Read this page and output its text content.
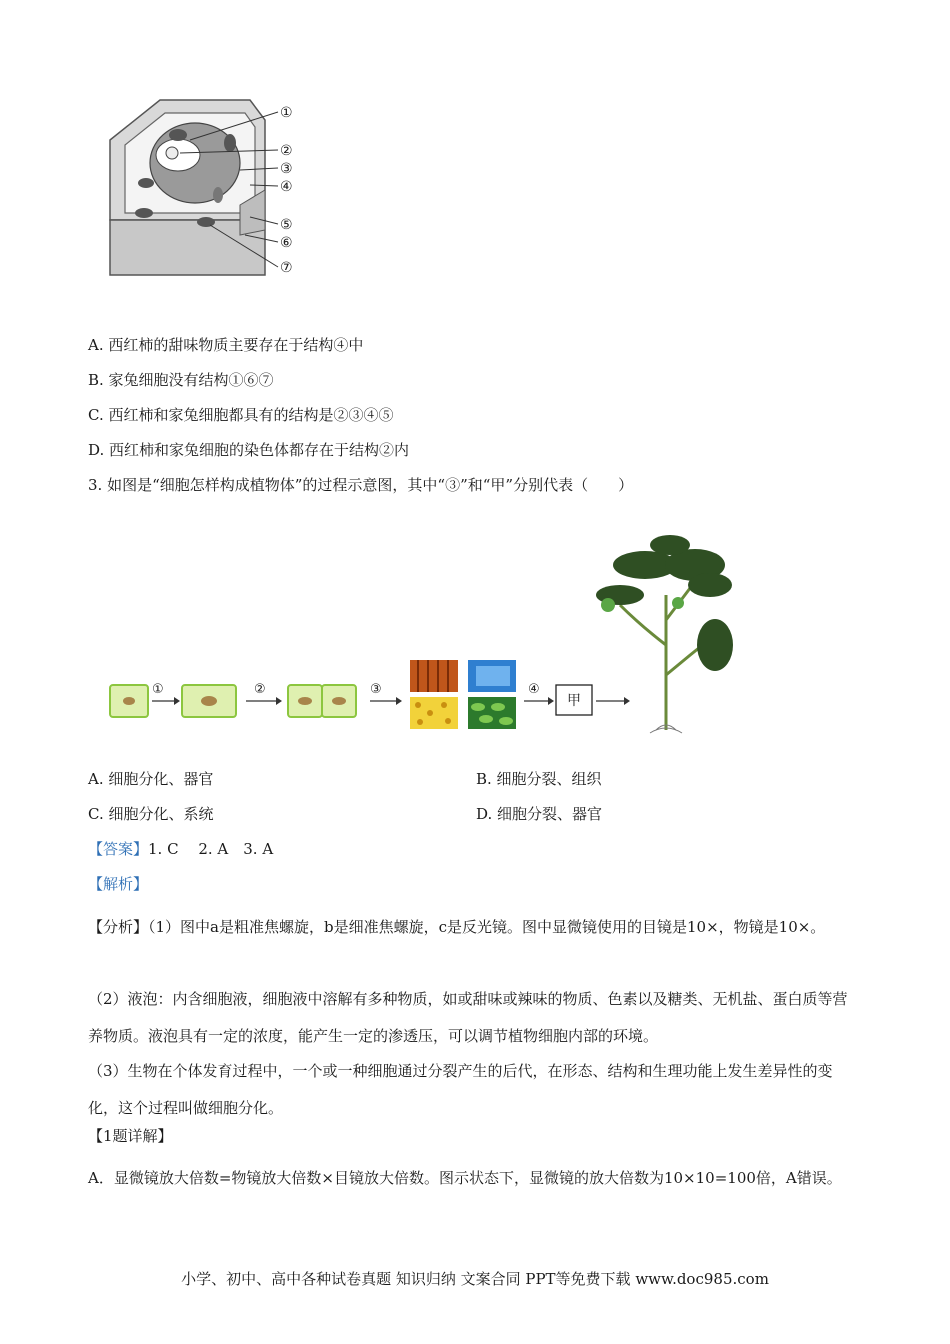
①
②
③
④
⑤
⑥
⑦
A. 西红柿的甜味物质主要存在于结构④中
B. 家兔细胞没有结构①⑥⑦
C. 西红柿和家兔细胞都具有的结构是②③④⑤
D. 西红柿和家兔细胞的染色体都存在于结构②内
3. 如图是“细胞怎样构成植物体”的过程示意图，其中“③”和“甲”分别代表（　　）
①	②	③	④
甲
A. 细胞分化、器官	B. 细胞分裂、组织
C. 细胞分化、系统	D. 细胞分裂、器官
【答案】1. C　 2. A　3. A
【解析】
【分析】（1）图中a是粗准焦螺旋，b是细准焦螺旋，c是反光镜。图中显微镜使用的目镜是10×，物镜是10×。
（2）液泡：内含细胞液，细胞液中溶解有多种物质，如或甜味或辣味的物质、色素以及糖类、无机盐、蛋白质等营养物质。液泡具有一定的浓度，能产生一定的渗透压，可以调节植物细胞内部的环境。
（3）生物在个体发育过程中，一个或一种细胞通过分裂产生的后代，在形态、结构和生理功能上发生差异性的变化，这个过程叫做细胞分化。
【1题详解】
A．显微镜放大倍数=物镜放大倍数×目镜放大倍数。图示状态下，显微镜的放大倍数为10×10=100倍，A错误。
小学、初中、高中各种试卷真题 知识归纳 文案合同 PPT等免费下载 www.doc985.com
